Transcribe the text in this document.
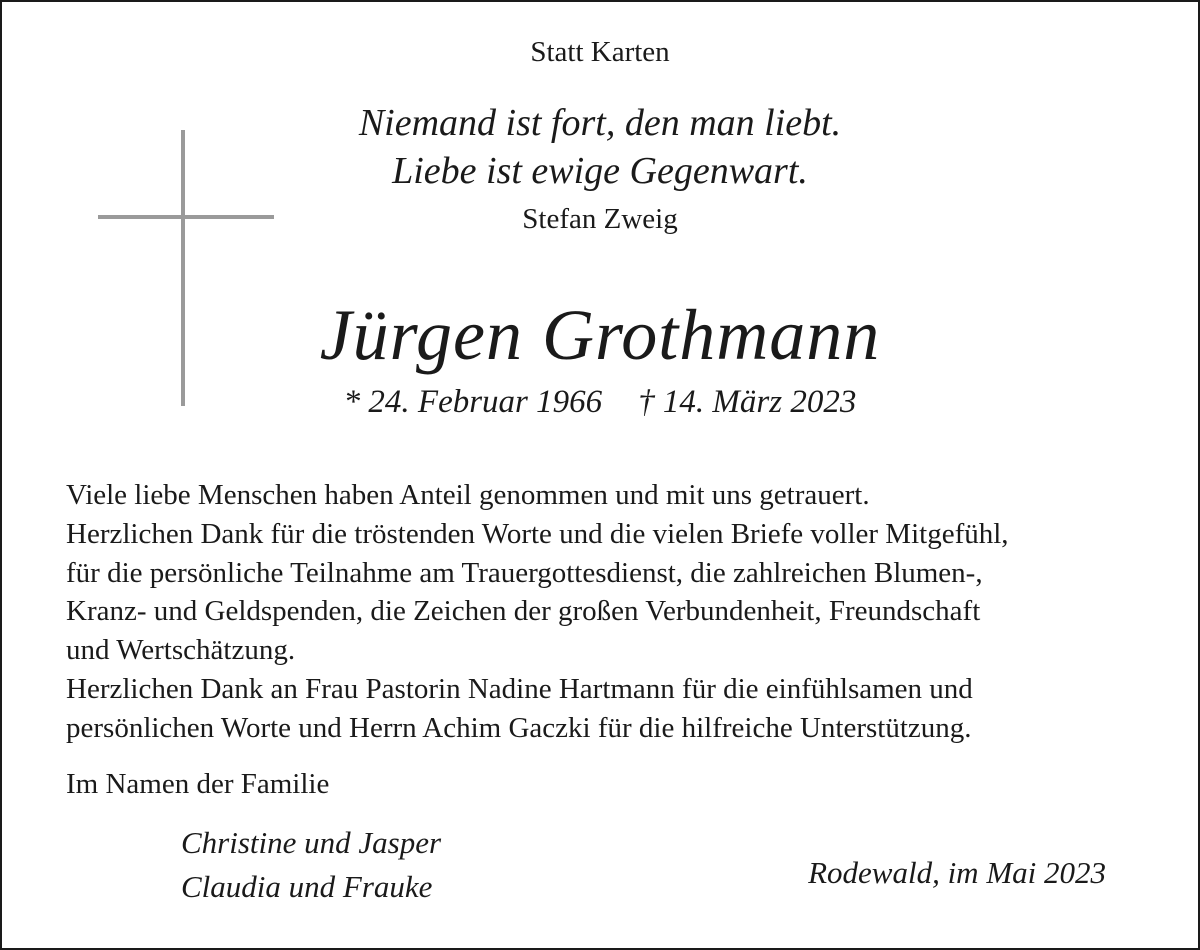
Statt Karten
Niemand ist fort, den man liebt.
Liebe ist ewige Gegenwart.
Stefan Zweig
Jürgen Grothmann
* 24. Februar 1966 † 14. März 2023
Viele liebe Menschen haben Anteil genommen und mit uns getrauert.
Herzlichen Dank für die tröstenden Worte und die vielen Briefe voller Mitgefühl,
für die persönliche Teilnahme am Trauergottesdienst, die zahlreichen Blumen-,
Kranz- und Geldspenden, die Zeichen der großen Verbundenheit, Freundschaft
und Wertschätzung.
Herzlichen Dank an Frau Pastorin Nadine Hartmann für die einfühlsamen und
persönlichen Worte und Herrn Achim Gaczki für die hilfreiche Unterstützung.
Im Namen der Familie
Christine und Jasper
Claudia und Frauke	Rodewald, im Mai 2023
